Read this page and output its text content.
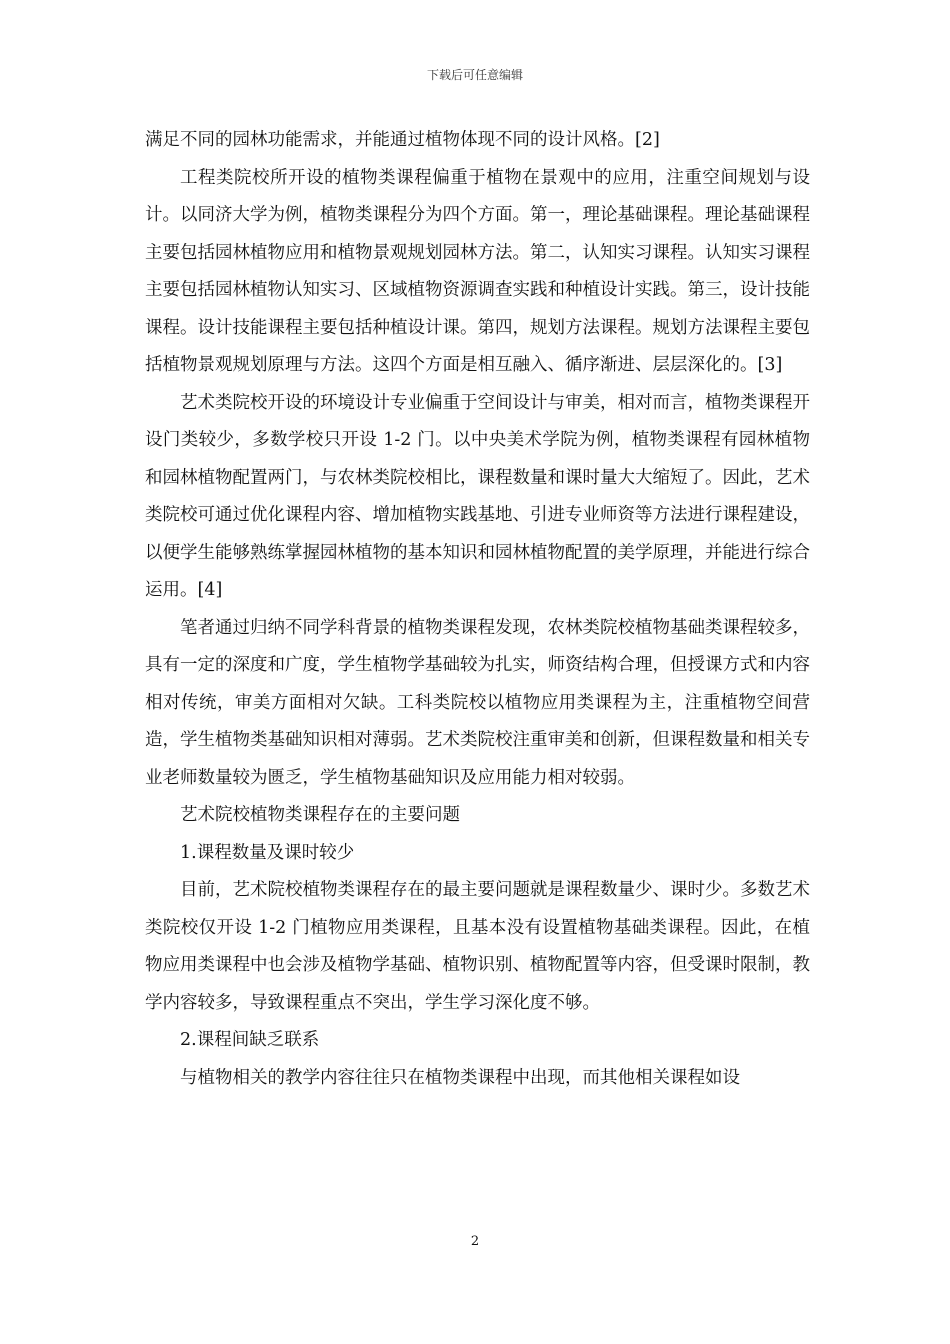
下载后可任意编辑

满足不同的园林功能需求，并能通过植物体现不同的设计风格。[2]

工程类院校所开设的植物类课程偏重于植物在景观中的应用，注重空间规划与设计。以同济大学为例，植物类课程分为四个方面。第一，理论基础课程。理论基础课程主要包括园林植物应用和植物景观规划园林方法。第二，认知实习课程。认知实习课程主要包括园林植物认知实习、区域植物资源调查实践和种植设计实践。第三，设计技能课程。设计技能课程主要包括种植设计课。第四，规划方法课程。规划方法课程主要包括植物景观规划原理与方法。这四个方面是相互融入、循序渐进、层层深化的。[3]

艺术类院校开设的环境设计专业偏重于空间设计与审美，相对而言，植物类课程开设门类较少，多数学校只开设 1-2 门。以中央美术学院为例，植物类课程有园林植物和园林植物配置两门，与农林类院校相比，课程数量和课时量大大缩短了。因此，艺术类院校可通过优化课程内容、增加植物实践基地、引进专业师资等方法进行课程建设，以便学生能够熟练掌握园林植物的基本知识和园林植物配置的美学原理，并能进行综合运用。[4]

笔者通过归纳不同学科背景的植物类课程发现，农林类院校植物基础类课程较多，具有一定的深度和广度，学生植物学基础较为扎实，师资结构合理，但授课方式和内容相对传统，审美方面相对欠缺。工科类院校以植物应用类课程为主，注重植物空间营造，学生植物类基础知识相对薄弱。艺术类院校注重审美和创新，但课程数量和相关专业老师数量较为匮乏，学生植物基础知识及应用能力相对较弱。

艺术院校植物类课程存在的主要问题

1.课程数量及课时较少

目前，艺术院校植物类课程存在的最主要问题就是课程数量少、课时少。多数艺术类院校仅开设 1-2 门植物应用类课程，且基本没有设置植物基础类课程。因此，在植物应用类课程中也会涉及植物学基础、植物识别、植物配置等内容，但受课时限制，教学内容较多，导致课程重点不突出，学生学习深化度不够。

2.课程间缺乏联系

与植物相关的教学内容往往只在植物类课程中出现，而其他相关课程如设

2
